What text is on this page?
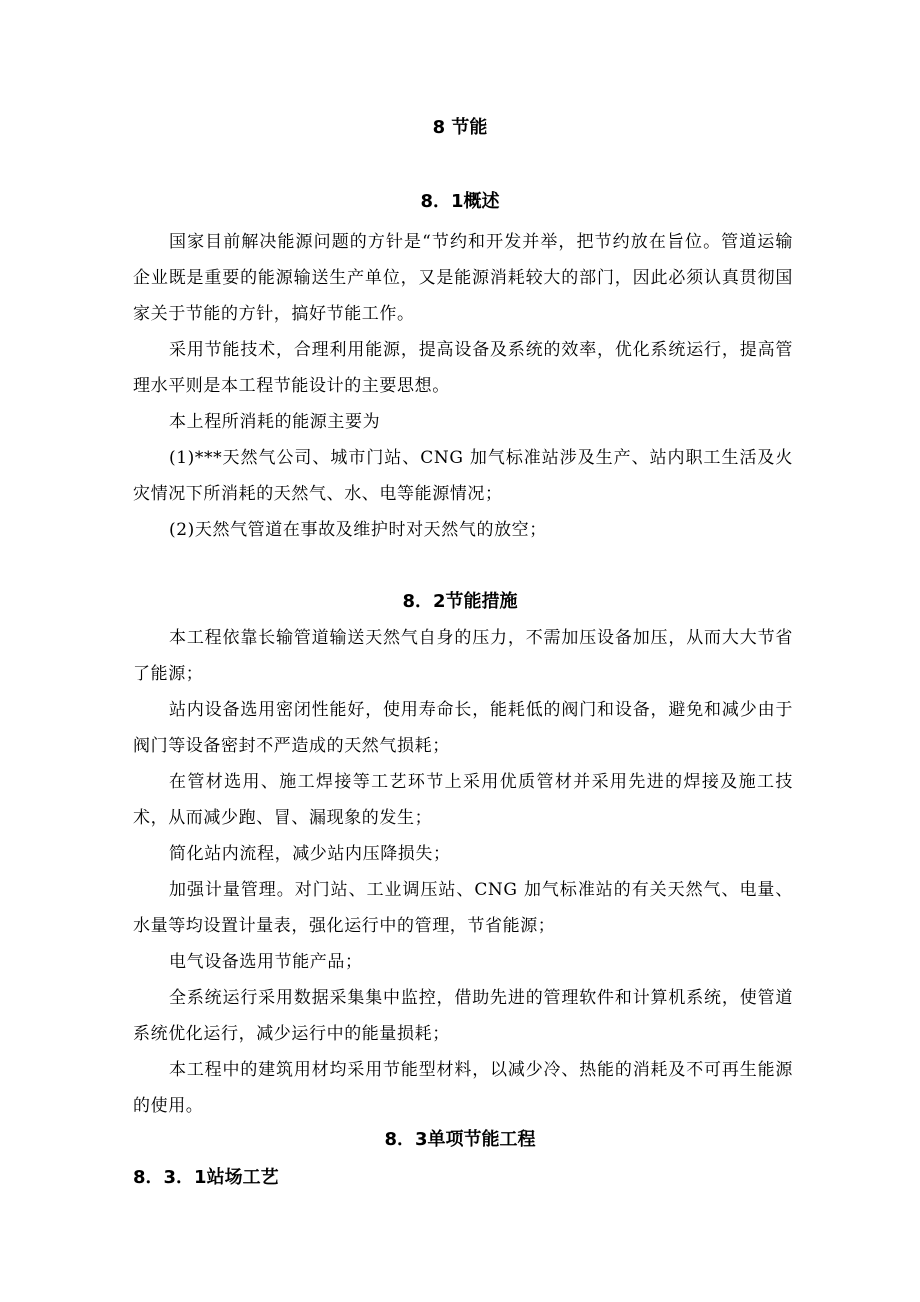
8 节能
8．1概述

国家目前解决能源问题的方针是“节约和开发并举，把节约放在旨位。管道运输企业既是重要的能源输送生产单位，又是能源消耗较大的部门，因此必须认真贯彻国家关于节能的方针，搞好节能工作。

采用节能技术，合理利用能源，提高设备及系统的效率，优化系统运行，提高管理水平则是本工程节能设计的主要思想。

本上程所消耗的能源主要为

(1)***天然气公司、城市门站、CNG 加气标准站涉及生产、站内职工生活及火灾情况下所消耗的天然气、水、电等能源情况；

(2)天然气管道在事故及维护时对天然气的放空；

8．2节能措施

本工程依靠长输管道输送天然气自身的压力，不需加压设备加压，从而大大节省了能源；

站内设备选用密闭性能好，使用寿命长，能耗低的阀门和设备，避免和减少由于阀门等设备密封不严造成的天然气损耗；

在管材选用、施工焊接等工艺环节上采用优质管材并采用先进的焊接及施工技术，从而减少跑、冒、漏现象的发生；

简化站内流程，减少站内压降损失；

加强计量管理。对门站、工业调压站、CNG 加气标准站的有关天然气、电量、水量等均设置计量表，强化运行中的管理，节省能源；

电气设备选用节能产品；

全系统运行采用数据采集集中监控，借助先进的管理软件和计算机系统，使管道系统优化运行，减少运行中的能量损耗；

本工程中的建筑用材均采用节能型材料，以减少冷、热能的消耗及不可再生能源的使用。

8．3单项节能工程
8．3．1站场工艺
